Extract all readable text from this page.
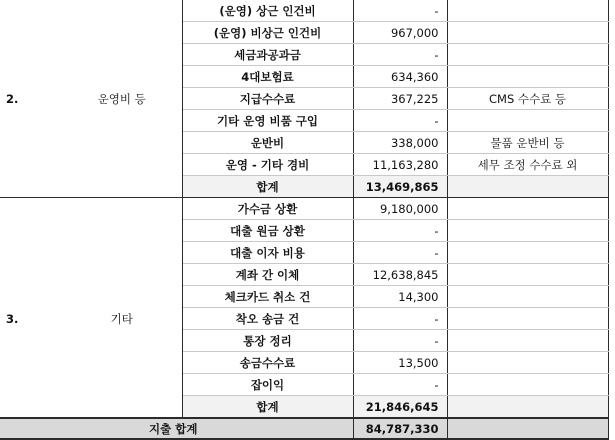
		(운영) 상근 인건비	-	
		(운영) 비상근 인건비	967,000	
		세금과공과금	-	
		4대보험료	634,360	
2.	운영비 등	지급수수료	367,225	CMS 수수료 등
		기타 운영 비품 구입	-	
		운반비	338,000	물품 운반비 등
		운영 - 기타 경비	11,163,280	세무 조정 수수료 외
		합계	13,469,865	
		가수금 상환	9,180,000	
		대출 원금 상환	-	
		대출 이자 비용	-	
		계좌 간 이체	12,638,845	
		체크카드 취소 건	14,300	
3.	기타	착오 송금 건	-	
		통장 정리	-	
		송금수수료	13,500	
		잡이익	-	
		합계	21,846,645	
지출 합계			84,787,330	
